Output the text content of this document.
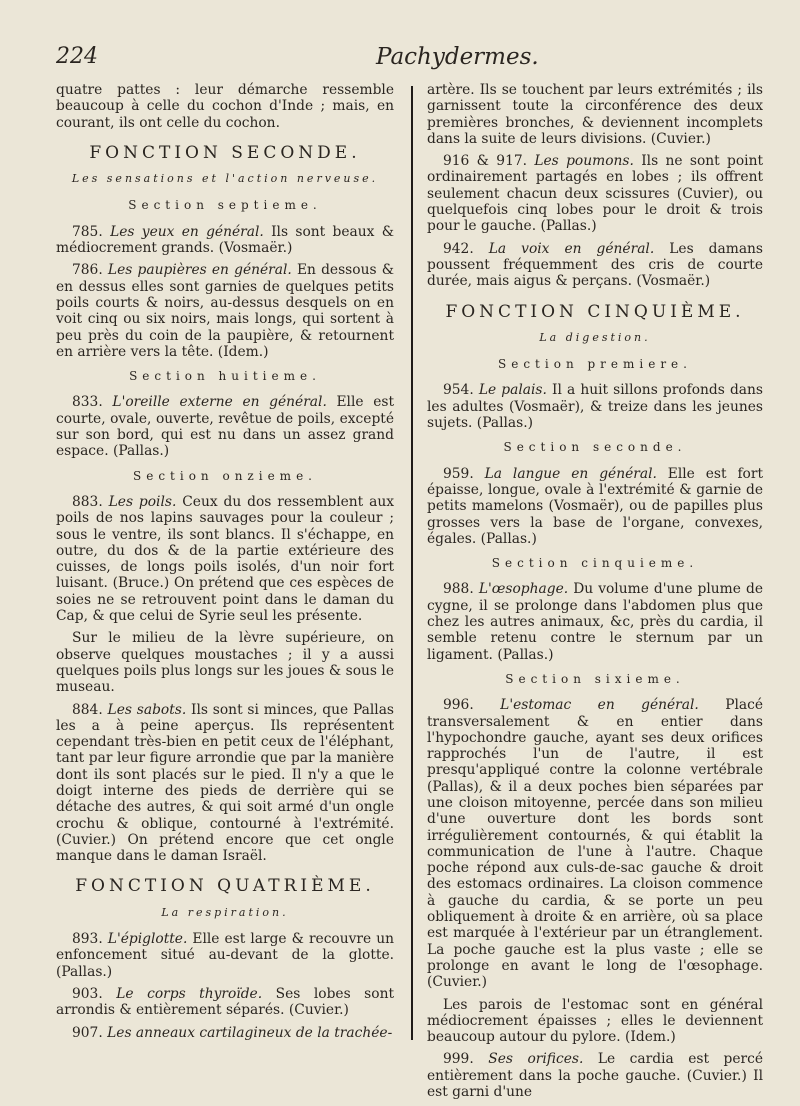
224	Pachydermes.

quatre pattes : leur démarche ressemble beaucoup à celle du cochon d'Inde ; mais, en courant, ils ont celle du cochon.

FONCTION SECONDE.
Les sensations et l'action nerveuse.
Section septieme.

785. Les yeux en général. Ils sont beaux & médiocrement grands. (Vosmaër.)

786. Les paupières en général. En dessous & en dessus elles sont garnies de quelques petits poils courts & noirs, au-dessus desquels on en voit cinq ou six noirs, mais longs, qui sortent à peu près du coin de la paupière, & retournent en arrière vers la tête. (Idem.)

Section huitieme.

833. L'oreille externe en général. Elle est courte, ovale, ouverte, revêtue de poils, excepté sur son bord, qui est nu dans un assez grand espace. (Pallas.)

Section onzieme.

883. Les poils. Ceux du dos ressemblent aux poils de nos lapins sauvages pour la couleur ; sous le ventre, ils sont blancs. Il s'échappe, en outre, du dos & de la partie extérieure des cuisses, de longs poils isolés, d'un noir fort luisant. (Bruce.) On prétend que ces espèces de soies ne se retrouvent point dans le daman du Cap, & que celui de Syrie seul les présente.

Sur le milieu de la lèvre supérieure, on observe quelques moustaches ; il y a aussi quelques poils plus longs sur les joues & sous le museau.

884. Les sabots. Ils sont si minces, que Pallas les a à peine aperçus. Ils représentent cependant très-bien en petit ceux de l'éléphant, tant par leur figure arrondie que par la manière dont ils sont placés sur le pied. Il n'y a que le doigt interne des pieds de derrière qui se détache des autres, & qui soit armé d'un ongle crochu & oblique, contourné à l'extrémité. (Cuvier.) On prétend encore que cet ongle manque dans le daman Israël.

FONCTION QUATRIÈME.
La respiration.

893. L'épiglotte. Elle est large & recouvre un enfoncement situé au-devant de la glotte. (Pallas.)

903. Le corps thyroïde. Ses lobes sont arrondis & entièrement séparés. (Cuvier.)

907. Les anneaux cartilagineux de la trachée-

artère. Ils se touchent par leurs extrémités ; ils garnissent toute la circonférence des deux premières bronches, & deviennent incomplets dans la suite de leurs divisions. (Cuvier.)

916 & 917. Les poumons. Ils ne sont point ordinairement partagés en lobes ; ils offrent seulement chacun deux scissures (Cuvier), ou quelquefois cinq lobes pour le droit & trois pour le gauche. (Pallas.)

942. La voix en général. Les damans poussent fréquemment des cris de courte durée, mais aigus & perçans. (Vosmaër.)

FONCTION CINQUIÈME.
La digestion.
Section premiere.

954. Le palais. Il a huit sillons profonds dans les adultes (Vosmaër), & treize dans les jeunes sujets. (Pallas.)

Section seconde.

959. La langue en général. Elle est fort épaisse, longue, ovale à l'extrémité & garnie de petits mamelons (Vosmaër), ou de papilles plus grosses vers la base de l'organe, convexes, égales. (Pallas.)

Section cinquieme.

988. L'œsophage. Du volume d'une plume de cygne, il se prolonge dans l'abdomen plus que chez les autres animaux, &c, près du cardia, il semble retenu contre le sternum par un ligament. (Pallas.)

Section sixieme.

996. L'estomac en général. Placé transversalement & en entier dans l'hypochondre gauche, ayant ses deux orifices rapprochés l'un de l'autre, il est presqu'appliqué contre la colonne vertébrale (Pallas), & il a deux poches bien séparées par une cloison mitoyenne, percée dans son milieu d'une ouverture dont les bords sont irrégulièrement contournés, & qui établit la communication de l'une à l'autre. Chaque poche répond aux culs-de-sac gauche & droit des estomacs ordinaires. La cloison commence à gauche du cardia, & se porte un peu obliquement à droite & en arrière, où sa place est marquée à l'extérieur par un étranglement. La poche gauche est la plus vaste ; elle se prolonge en avant le long de l'œsophage. (Cuvier.)

Les parois de l'estomac sont en général médiocrement épaisses ; elles le deviennent beaucoup autour du pylore. (Idem.)

999. Ses orifices. Le cardia est percé entièrement dans la poche gauche. (Cuvier.) Il est garni d'une
